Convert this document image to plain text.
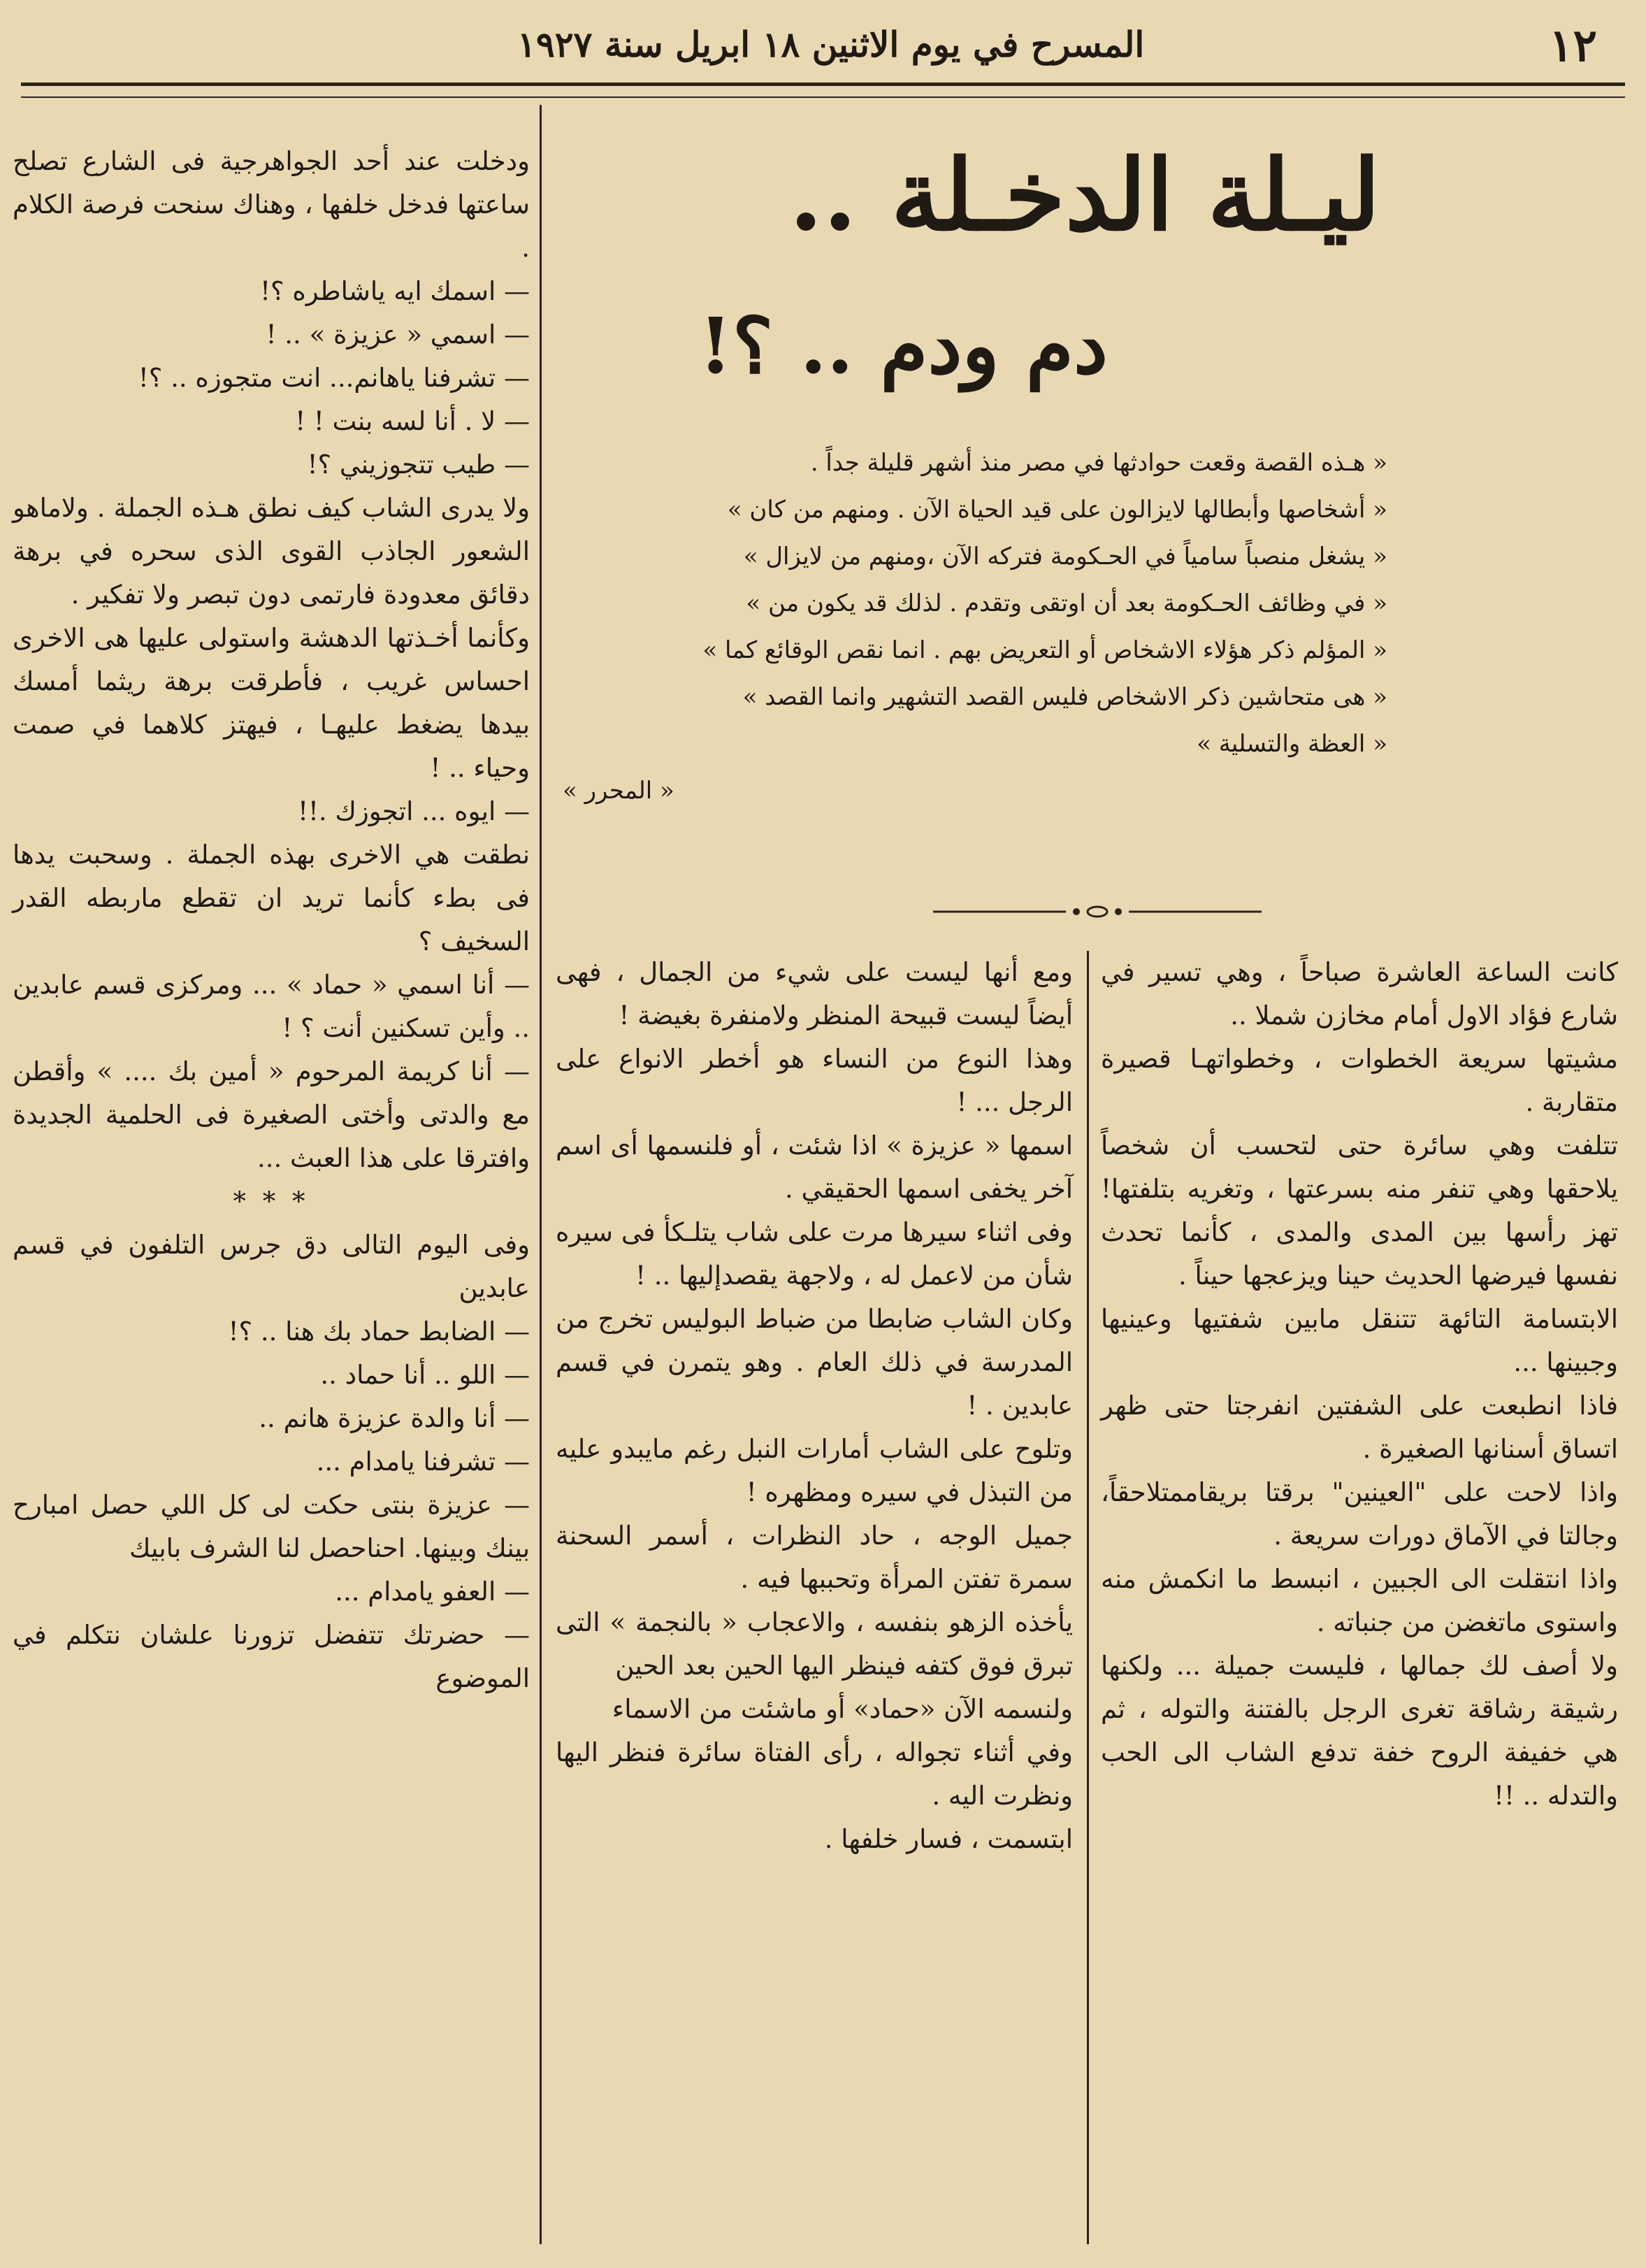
١٢
المسرح في يوم الاثنين ١٨ ابريل سنة ١٩٢٧
ليـلة الدخـلة ..
دم ودم .. ؟!

« هـذه القصة وقعت حوادثها في مصر منذ أشهر قليلة جداً .

« أشخاصها وأبطالها لايزالون على قيد الحياة الآن . ومنهم من كان »

« يشغل منصباً سامياً في الحـكومة فتركه الآن ،ومنهم من لايزال »

« في وظائف الحـكومة بعد أن اوتقى وتقدم . لذلك قد يكون من »

« المؤلم ذكر هؤلاء الاشخاص أو التعريض بهم . انما نقص الوقائع كما »

« هى متحاشين ذكر الاشخاص فليس القصد التشهير وانما القصد »

« العظة والتسلية »

« المحرر »

كانت الساعة العاشرة صباحاً ، وهي تسير في شارع فؤاد الاول أمام مخازن شملا ..

مشيتها سريعة الخطوات ، وخطواتهـا قصيرة متقاربة .

تتلفت وهي سائرة حتى لتحسب أن شخصاً يلاحقها وهي تنفر منه بسرعتها ، وتغريه بتلفتها! تهز رأسها بين المدى والمدى ، كأنما تحدث نفسها فيرضها الحديث حينا ويزعجها حيناً .

الابتسامة التائهة تتنقل مابين شفتيها وعينيها وجبينها ...

فاذا انطبعت على الشفتين انفرجتا حتى ظهر اتساق أسنانها الصغيرة .

واذا لاحت على "العينين" برقتا بريقاممتلاحقاً، وجالتا في الآماق دورات سريعة .

واذا انتقلت الى الجبين ، انبسط ما انكمش منه واستوى ماتغضن من جنباته .

ولا أصف لك جمالها ، فليست جميلة ... ولكنها رشيقة رشاقة تغرى الرجل بالفتنة والتوله ، ثم هي خفيفة الروح خفة تدفع الشاب الى الحب والتدله .. !!

ومع أنها ليست على شيء من الجمال ، فهى أيضاً ليست قبيحة المنظر ولامنفرة بغيضة !

وهذا النوع من النساء هو أخطر الانواع على الرجل ... !

اسمها « عزيزة » اذا شئت ، أو فلنسمها أى اسم آخر يخفى اسمها الحقيقي .

وفى اثناء سيرها مرت على شاب يتلـكأ فى سيره شأن من لاعمل له ، ولاجهة يقصدإليها .. !

وكان الشاب ضابطا من ضباط البوليس تخرج من المدرسة في ذلك العام . وهو يتمرن في قسم عابدين . !

وتلوح على الشاب أمارات النبل رغم مايبدو عليه من التبذل في سيره ومظهره !

جميل الوجه ، حاد النظرات ، أسمر السحنة سمرة تفتن المرأة وتحببها فيه .

يأخذه الزهو بنفسه ، والاعجاب « بالنجمة » التى تبرق فوق كتفه فينظر اليها الحين بعد الحين

ولنسمه الآن «حماد» أو ماشئت من الاسماء

وفي أثناء تجواله ، رأى الفتاة سائرة فنظر اليها ونظرت اليه .

ابتسمت ، فسار خلفها .

ودخلت عند أحد الجواهرجية فى الشارع تصلح ساعتها فدخل خلفها ، وهناك سنحت فرصة الكلام .

— اسمك ايه ياشاطره ؟!

— اسمي « عزيزة » .. !

— تشرفنا ياهانم... انت متجوزه .. ؟!

— لا . أنا لسه بنت ! !

— طيب تتجوزيني ؟!

ولا يدرى الشاب كيف نطق هـذه الجملة . ولاماهو الشعور الجاذب القوى الذى سحره في برهة دقائق معدودة فارتمى دون تبصر ولا تفكير .

وكأنما أخـذتها الدهشة واستولى عليها هى الاخرى احساس غريب ، فأطرقت برهة ريثما أمسك بيدها يضغط عليهـا ، فيهتز كلاهما في صمت وحياء .. !

— ايوه ... اتجوزك .!!

نطقت هي الاخرى بهذه الجملة . وسحبت يدها فى بطء كأنما تريد ان تقطع ماربطه القدر السخيف ؟

— أنا اسمي « حماد » ... ومركزى قسم عابدين .. وأين تسكنين أنت ؟ !

— أنا كريمة المرحوم « أمين بك .... » وأقطن مع والدتى وأختى الصغيرة فى الحلمية الجديدة وافترقا على هذا العبث ...

* * *

وفى اليوم التالى دق جرس التلفون في قسم عابدين

— الضابط حماد بك هنا .. ؟!

— اللو .. أنا حماد ..

— أنا والدة عزيزة هانم ..

— تشرفنا يامدام ...

— عزيزة بنتى حكت لى كل اللي حصل امبارح بينك وبينها. احناحصل لنا الشرف بابيك

— العفو يامدام ...

— حضرتك تتفضل تزورنا علشان نتكلم في الموضوع
